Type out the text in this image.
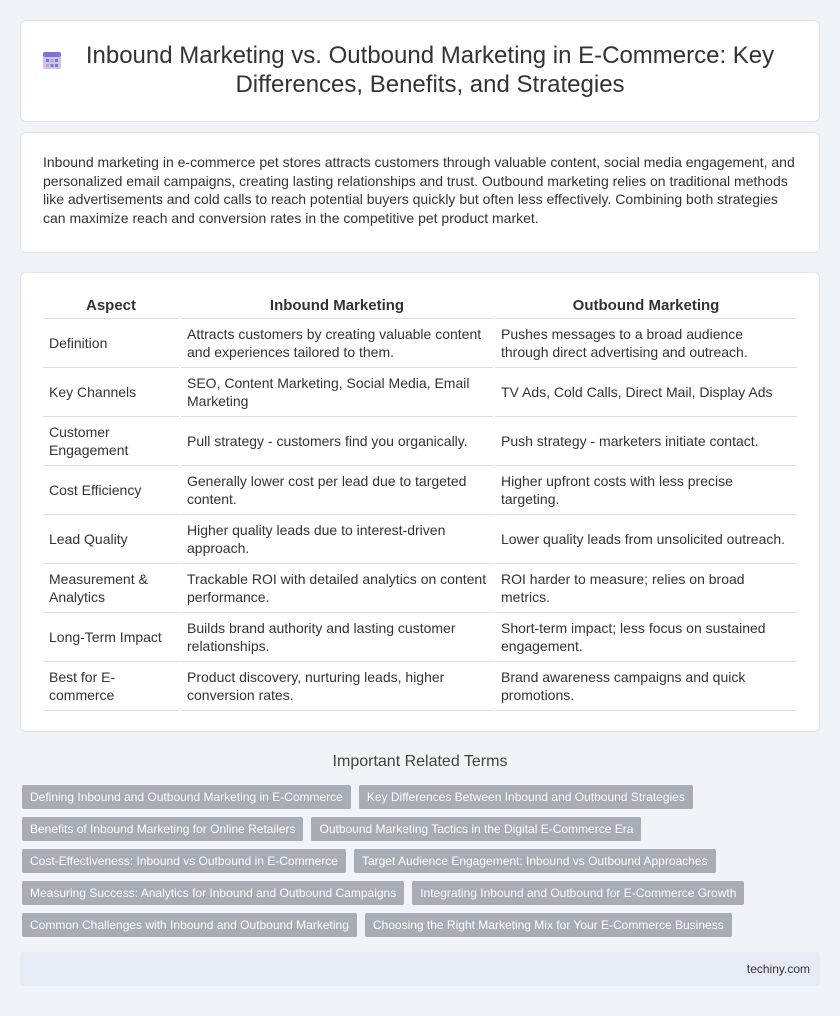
Inbound Marketing vs. Outbound Marketing in E-Commerce: Key Differences, Benefits, and Strategies

Inbound marketing in e-commerce pet stores attracts customers through valuable content, social media engagement, and personalized email campaigns, creating lasting relationships and trust. Outbound marketing relies on traditional methods like advertisements and cold calls to reach potential buyers quickly but often less effectively. Combining both strategies can maximize reach and conversion rates in the competitive pet product market.

Aspect	Inbound Marketing	Outbound Marketing
Definition	Attracts customers by creating valuable content and experiences tailored to them.	Pushes messages to a broad audience through direct advertising and outreach.
Key Channels	SEO, Content Marketing, Social Media, Email Marketing	TV Ads, Cold Calls, Direct Mail, Display Ads
Customer Engagement	Pull strategy - customers find you organically.	Push strategy - marketers initiate contact.
Cost Efficiency	Generally lower cost per lead due to targeted content.	Higher upfront costs with less precise targeting.
Lead Quality	Higher quality leads due to interest-driven approach.	Lower quality leads from unsolicited outreach.
Measurement & Analytics	Trackable ROI with detailed analytics on content performance.	ROI harder to measure; relies on broad metrics.
Long-Term Impact	Builds brand authority and lasting customer relationships.	Short-term impact; less focus on sustained engagement.
Best for E-commerce	Product discovery, nurturing leads, higher conversion rates.	Brand awareness campaigns and quick promotions.
Important Related Terms
Defining Inbound and Outbound Marketing in E-Commerce	Key Differences Between Inbound and Outbound Strategies
Benefits of Inbound Marketing for Online Retailers	Outbound Marketing Tactics in the Digital E-Commerce Era
Cost-Effectiveness: Inbound vs Outbound in E-Commerce	Target Audience Engagement: Inbound vs Outbound Approaches
Measuring Success: Analytics for Inbound and Outbound Campaigns	Integrating Inbound and Outbound for E-Commerce Growth
Common Challenges with Inbound and Outbound Marketing	Choosing the Right Marketing Mix for Your E-Commerce Business
techiny.com
